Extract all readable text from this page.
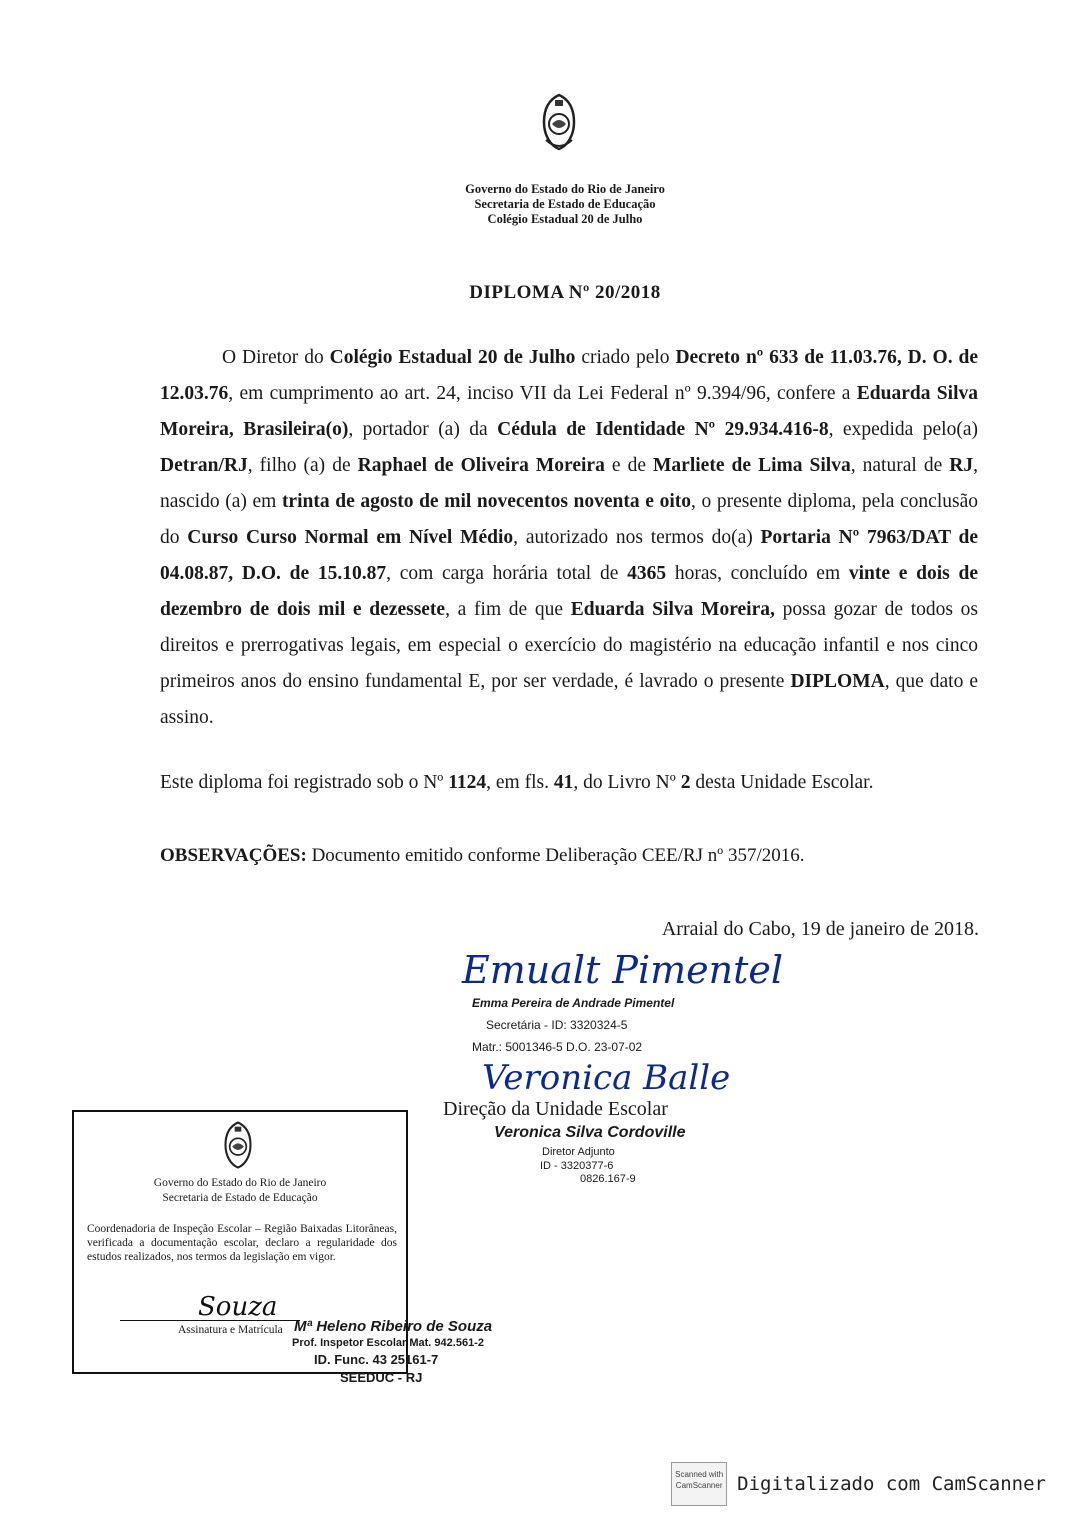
Governo do Estado do Rio de Janeiro
Secretaria de Estado de Educação
Colégio Estadual 20 de Julho
DIPLOMA Nº 20/2018
O Diretor do Colégio Estadual 20 de Julho criado pelo Decreto nº 633 de 11.03.76, D. O. de 12.03.76, em cumprimento ao art. 24, inciso VII da Lei Federal nº 9.394/96, confere a Eduarda Silva Moreira, Brasileira(o), portador (a) da Cédula de Identidade Nº 29.934.416-8, expedida pelo(a) Detran/RJ, filho (a) de Raphael de Oliveira Moreira e de Marliete de Lima Silva, natural de RJ, nascido (a) em trinta de agosto de mil novecentos noventa e oito, o presente diploma, pela conclusão do Curso Curso Normal em Nível Médio, autorizado nos termos do(a) Portaria Nº 7963/DAT de 04.08.87, D.O. de 15.10.87, com carga horária total de 4365 horas, concluído em vinte e dois de dezembro de dois mil e dezessete, a fim de que Eduarda Silva Moreira, possa gozar de todos os direitos e prerrogativas legais, em especial o exercício do magistério na educação infantil e nos cinco primeiros anos do ensino fundamental E, por ser verdade, é lavrado o presente DIPLOMA, que dato e assino.
Este diploma foi registrado sob o Nº 1124, em fls. 41, do Livro Nº 2 desta Unidade Escolar.
OBSERVAÇÕES: Documento emitido conforme Deliberação CEE/RJ nº 357/2016.
Arraial do Cabo, 19 de janeiro de 2018.
Emualt Pimentel
Emma Pereira de Andrade Pimentel
Secretária - ID: 3320324-5
Matr.: 5001346-5 D.O. 23-07-02
Veronica Balle
Direção da Unidade Escolar
Veronica Silva Cordoville
Diretor Adjunto
ID - 3320377-6
0826.167-9
Governo do Estado do Rio de Janeiro
Secretaria de Estado de Educação
Coordenadoria de Inspeção Escolar – Região Baixadas Litorâneas, verificada a documentação escolar, declaro a regularidade dos estudos realizados, nos termos da legislação em vigor.
Souza
Assinatura e Matrícula Mª Heleno Ribeiro de Souza
Prof. Inspetor Escolar Mat. 942.561-2
ID. Func. 43 25161-7
SEEDUC - RJ
Scanned with
CamScanner Digitalizado com CamScanner
